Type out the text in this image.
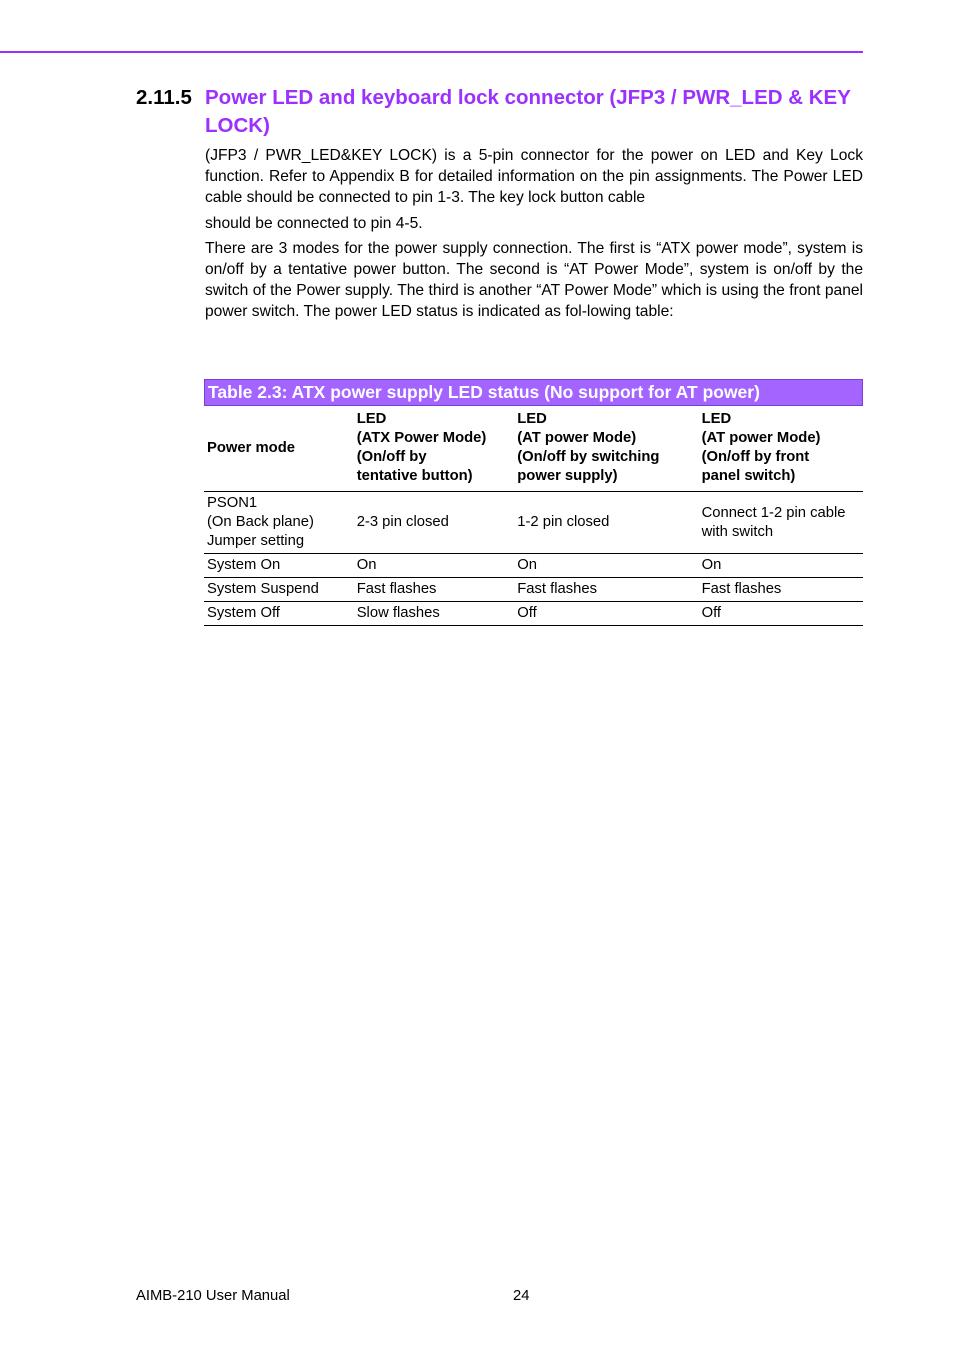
2.11.5 Power LED and keyboard lock connector (JFP3 / PWR_LED & KEY LOCK)
(JFP3 / PWR_LED&KEY LOCK) is a 5-pin connector for the power on LED and Key Lock function. Refer to Appendix B for detailed information on the pin assignments. The Power LED cable should be connected to pin 1-3. The key lock button cable
should be connected to pin 4-5.
There are 3 modes for the power supply connection. The first is “ATX power mode”, system is on/off by a tentative power button. The second is “AT Power Mode”, system is on/off by the switch of the Power supply. The third is another “AT Power Mode” which is using the front panel power switch. The power LED status is indicated as fol-lowing table:
Table 2.3: ATX power supply LED status (No support for AT power)
Power mode	LED
(ATX Power Mode)
(On/off by
tentative button)	LED
(AT power Mode)
(On/off by switching
power supply)	LED
(AT power Mode)
(On/off by front
panel switch)
PSON1
(On Back plane)
Jumper setting	2-3 pin closed	1-2 pin closed	Connect 1-2 pin cable
with switch
System On	On	On	On
System Suspend	Fast flashes	Fast flashes	Fast flashes
System Off	Slow flashes	Off	Off
AIMB-210 User Manual	24
